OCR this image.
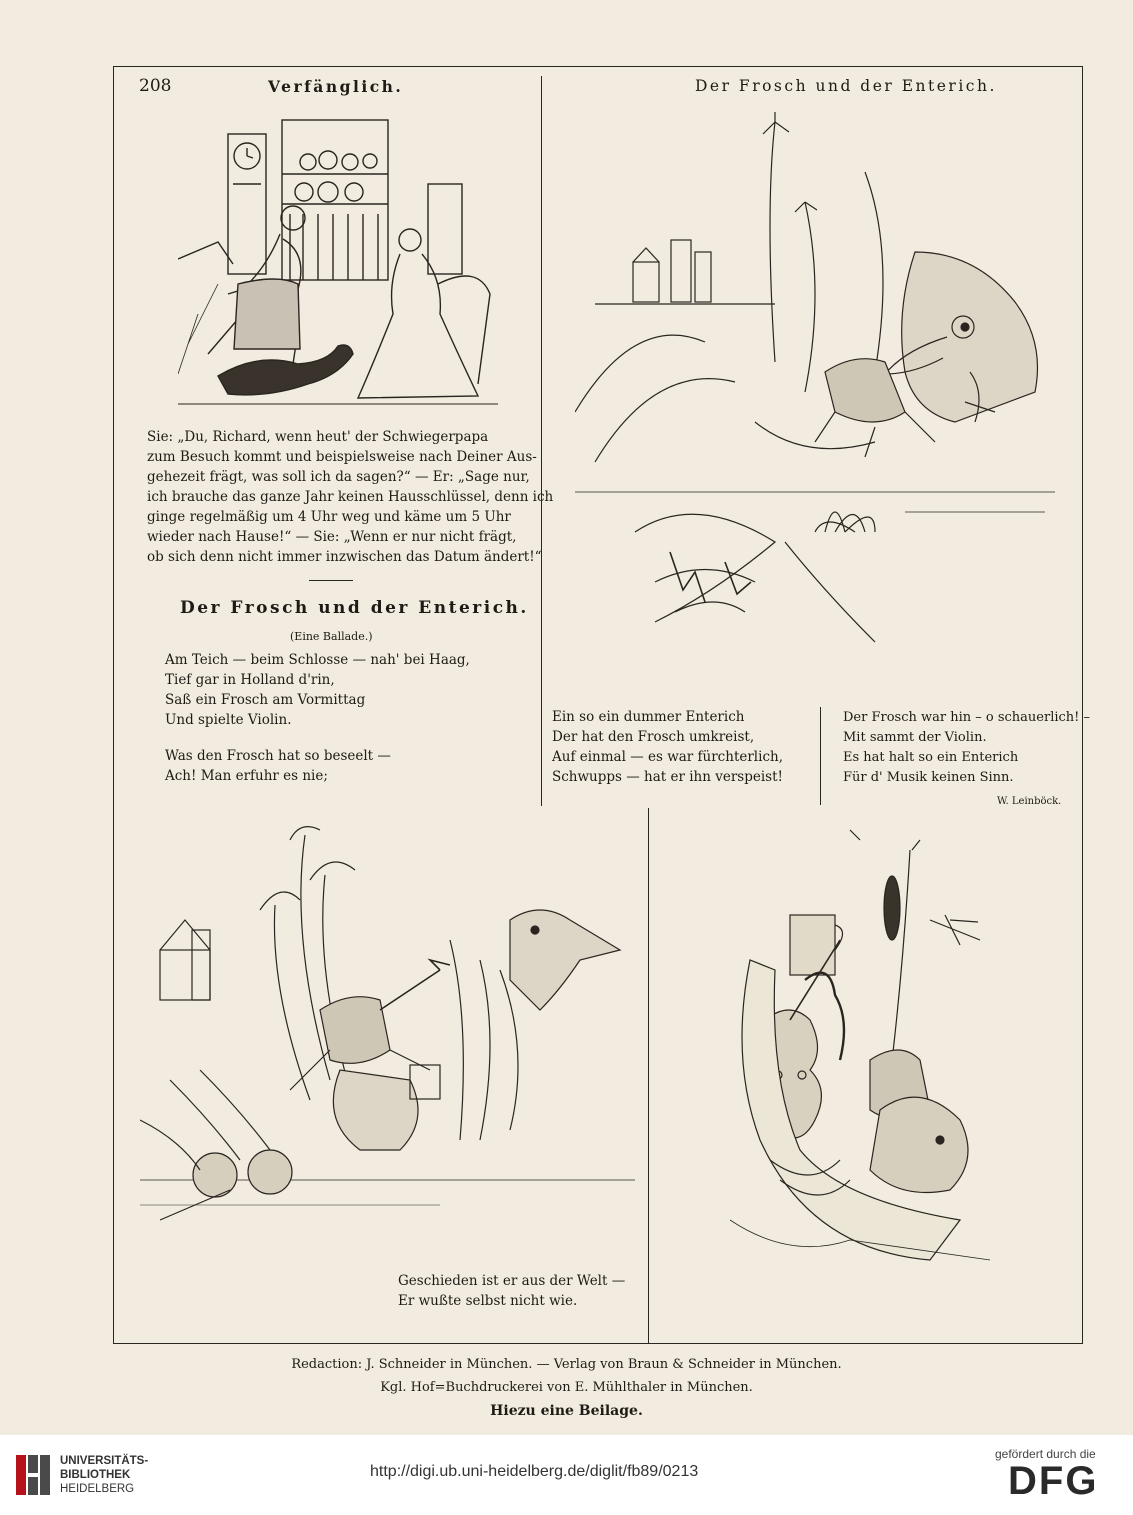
208	Verfänglich.	Der Frosch und der Enterich.
Sie: „Du, Richard, wenn heut' der Schwiegerpapa
zum Besuch kommt und beispielsweise nach Deiner Aus-
gehezeit frägt, was soll ich da sagen?“ — Er: „Sage nur,
ich brauche das ganze Jahr keinen Hausschlüssel, denn ich
ginge regelmäßig um 4 Uhr weg und käme um 5 Uhr
wieder nach Hause!“ — Sie: „Wenn er nur nicht frägt,
ob sich denn nicht immer inzwischen das Datum ändert!“
Der Frosch und der Enterich.
(Eine Ballade.)
Am Teich — beim Schlosse — nah' bei Haag,
Tief gar in Holland d'rin,
Saß ein Frosch am Vormittag
Und spielte Violin.
Was den Frosch hat so beseelt —
Ach! Man erfuhr es nie;
Ein so ein dummer Enterich
Der hat den Frosch umkreist,
Auf einmal — es war fürchterlich,
Schwupps — hat er ihn verspeist!
Der Frosch war hin – o schauerlich! –
Mit sammt der Violin.
Es hat halt so ein Enterich
Für d' Musik keinen Sinn.
W. Leinböck.
Geschieden ist er aus der Welt —
Er wußte selbst nicht wie.
Redaction: J. Schneider in München. — Verlag von Braun & Schneider in München.
Kgl. Hof=Buchdruckerei von E. Mühlthaler in München.
Hiezu eine Beilage.
UNIVERSITÄTS-
BIBLIOTHEK
HEIDELBERG
http://digi.ub.uni-heidelberg.de/diglit/fb89/0213
gefördert durch die
DFG
